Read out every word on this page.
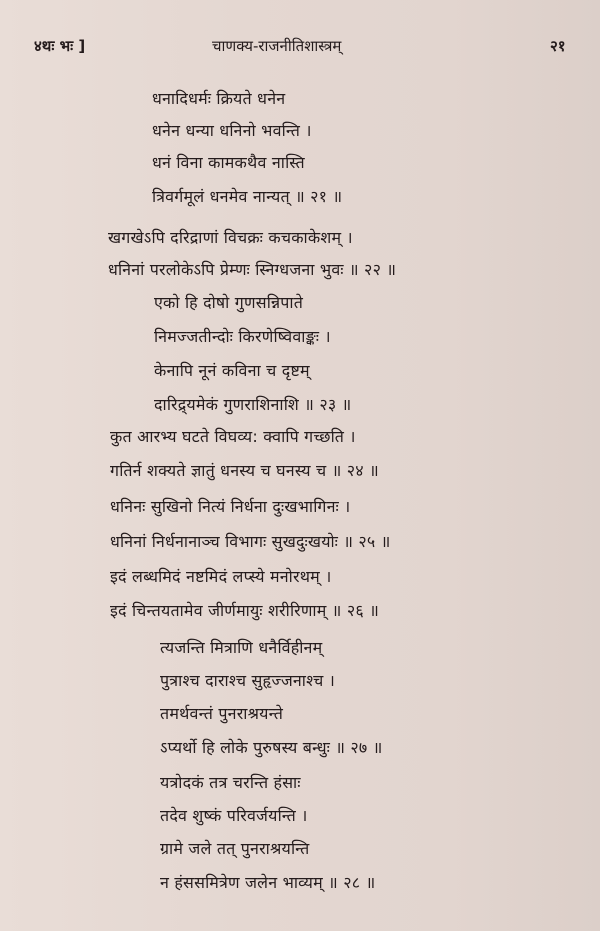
४थः भः ]	चाणक्य-राजनीतिशास्त्रम्	२१
धनादिधर्मः क्रियते धनेन
धनेन धन्या धनिनो भवन्ति ।
धनं विना कामकथैव नास्ति
त्रिवर्गमूलं धनमेव नान्यत् ॥ २१ ॥
खगखेऽपि दरिद्राणां विचक्रः कचकाकेशम् ।
धनिनां परलोकेऽपि प्रेम्णः स्निग्धजना भुवः ॥ २२ ॥
एको हि दोषो गुणसन्निपाते
निमज्जतीन्दोः किरणेष्विवाङ्कः ।
केनापि नूनं कविना च दृष्टम्
दारिद्र्यमेकं गुणराशिनाशि ॥ २३ ॥
कुत आरभ्य घटते विघव्य: क्वापि गच्छति ।
गतिर्न शक्यते ज्ञातुं धनस्य च घनस्य च ॥ २४ ॥
धनिनः सुखिनो नित्यं निर्धना दुःखभागिनः ।
धनिनां निर्धनानाञ्च विभागः सुखदुःखयोः ॥ २५ ॥
इदं लब्धमिदं नष्टमिदं लप्स्ये मनोरथम् ।
इदं चिन्तयतामेव जीर्णमायुः शरीरिणाम् ॥ २६ ॥
त्यजन्ति मित्राणि धनैर्विहीनम्
पुत्राश्च दाराश्च सुहृज्जनाश्च ।
तमर्थवन्तं पुनराश्रयन्ते
ऽप्यर्थो हि लोके पुरुषस्य बन्धुः ॥ २७ ॥
यत्रोदकं तत्र चरन्ति हंसाः
तदेव शुष्कं परिवर्जयन्ति ।
ग्रामे जले तत् पुनराश्रयन्ति
न हंससमित्रेण जलेन भाव्यम् ॥ २८ ॥
